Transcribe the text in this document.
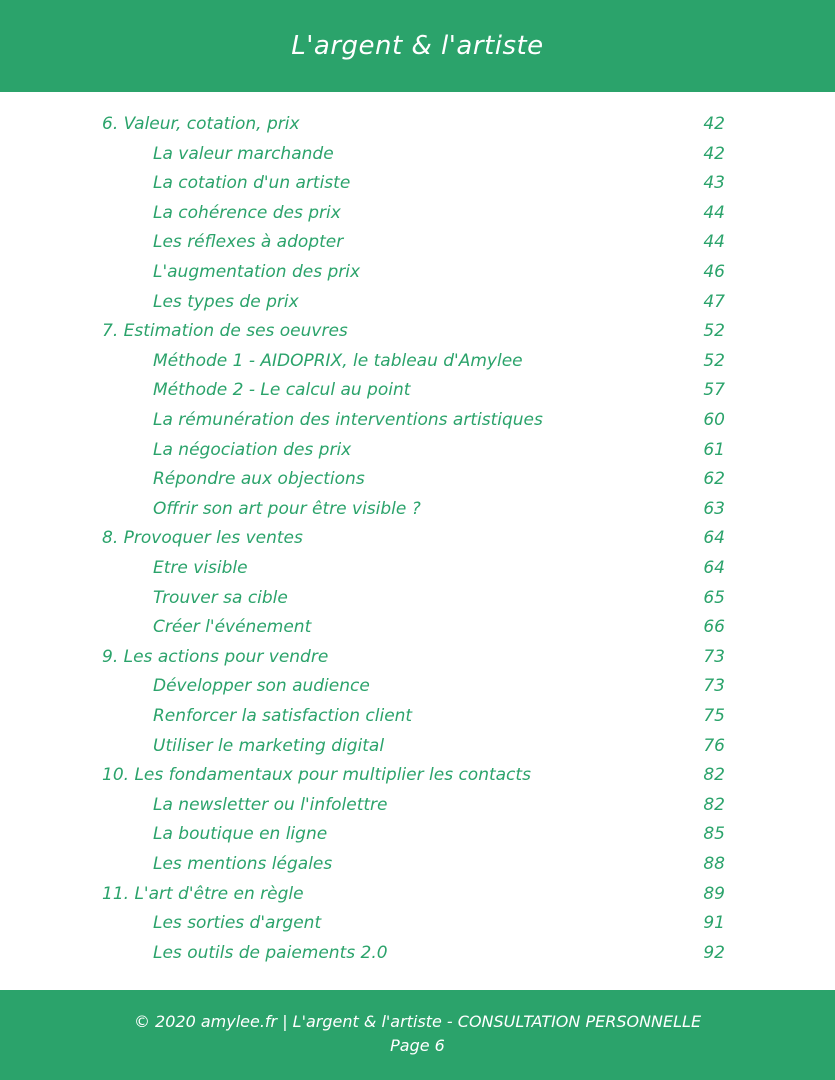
L'argent & l'artiste
6. Valeur, cotation, prix	42
La valeur marchande	42
La cotation d'un artiste	43
La cohérence des prix	44
Les réflexes à adopter	44
L'augmentation des prix	46
Les types de prix	47
7. Estimation de ses oeuvres	52
Méthode 1 - AIDOPRIX, le tableau d'Amylee	52
Méthode 2 - Le calcul au point	57
La rémunération des interventions artistiques	60
La négociation des prix	61
Répondre aux objections	62
Offrir son art pour être visible ?	63
8. Provoquer les ventes	64
Etre visible	64
Trouver sa cible	65
Créer l'événement	66
9. Les actions pour vendre	73
Développer son audience	73
Renforcer la satisfaction client	75
Utiliser le marketing digital	76
10. Les fondamentaux pour multiplier les contacts	82
La newsletter ou l'infolettre	82
La boutique en ligne	85
Les mentions légales	88
11. L'art d'être en règle	89
Les sorties d'argent	91
Les outils de paiements 2.0	92
© 2020 amylee.fr | L'argent & l'artiste - CONSULTATION PERSONNELLE
Page 6
